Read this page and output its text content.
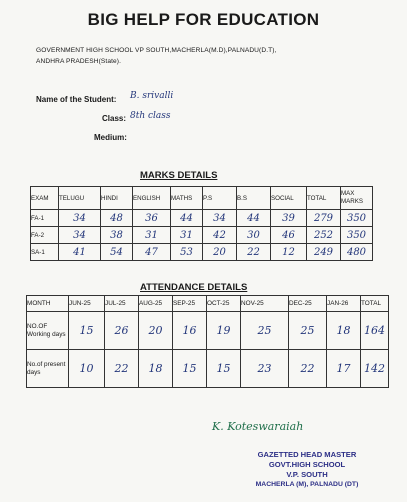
BIG HELP FOR EDUCATION
GOVERNMENT HIGH SCHOOL VP SOUTH,MACHERLA(M.D),PALNADU(D.T),
ANDHRA PRADESH(State).
Name of the Student: B. srivalli
Class: 8th class
Medium:
MARKS DETAILS
EXAM	TELUGU	HINDI	ENGLISH	MATHS	P.S	B.S	SOCIAL	TOTAL	MAX MARKS
FA-1	34	48	36	44	34	44	39	279	350
FA-2	34	38	31	31	42	30	46	252	350
SA-1	41	54	47	53	20	22	12	249	480
ATTENDANCE DETAILS
MONTH	JUN-25	JUL-25	AUG-25	SEP-25	OCT-25	NOV-25	DEC-25	JAN-26	TOTAL
NO.OF Working days	15	26	20	16	19	25	25	18	164
No.of present days	10	22	18	15	15	23	22	17	142
K. Koteswaraiah
GAZETTED HEAD MASTER
GOVT.HIGH SCHOOL
V.P. SOUTH
MACHERLA (M), PALNADU (DT)
